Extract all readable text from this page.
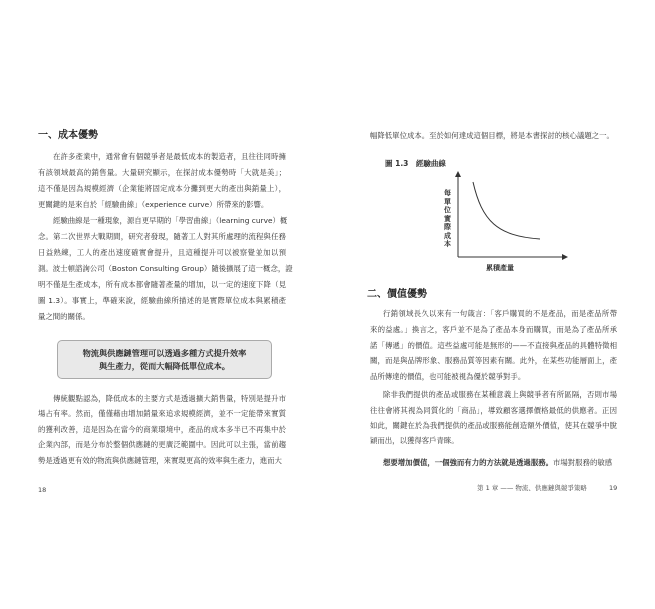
一、成本優勢
在許多產業中，通常會有個競爭者是最低成本的製造者，且往往同時擁
有該領域最高的銷售量。大量研究顯示，在探討成本優勢時「大就是美」；
這不僅是因為規模經濟（企業能將固定成本分攤到更大的產出與銷量上），
更關鍵的是來自於「經驗曲線」（experience curve）所帶來的影響。
經驗曲線是一種現象，源自更早期的「學習曲線」（learning curve）概
念。第二次世界大戰期間，研究者發現，隨著工人對其所處理的流程與任務
日益熟練，工人的產出速度確實會提升，且這種提升可以被察覺並加以預
測。波士頓諮詢公司（Boston Consulting Group）隨後擴展了這一概念，證
明不僅是生產成本，所有成本都會隨著產量的增加，以一定的速度下降（見
圖 1.3）。事實上，準確來說，經驗曲線所描述的是實際單位成本與累積產
量之間的關係。
傳統觀點認為，降低成本的主要方式是透過擴大銷售量，特別是提升市
場占有率。然而，僅僅藉由增加銷量來追求規模經濟，並不一定能帶來實質
的獲利改善，這是因為在當今的商業環境中，產品的成本多半已不再集中於
企業內部，而是分布於整個供應鏈的更廣泛範圍中。因此可以主張，當前趨
勢是透過更有效的物流與供應鏈管理，來實現更高的效率與生產力，進而大
物流與供應鏈管理可以透過多種方式提升效率
與生產力，從而大幅降低單位成本。
18
幅降低單位成本。至於如何達成這個目標，將是本書探討的核心議題之一。
圖 1.3　經驗曲線
每單位實際成本
累積產量
二、價值優勢
行銷領域長久以來有一句箴言：「客戶購買的不是產品，而是產品所帶
來的益處。」換言之，客戶並不是為了產品本身而購買，而是為了產品所承
諾「傳遞」的價值。這些益處可能是無形的——不直接與產品的具體特徵相
關，而是與品牌形象、服務品質等因素有關。此外，在某些功能層面上，產
品所傳達的價值，也可能被視為優於競爭對手。
除非我們提供的產品或服務在某種意義上與競爭者有所區隔，否則市場
往往會將其視為同質化的「商品」，導致顧客選擇價格最低的供應者。正因
如此，關鍵在於為我們提供的產品或服務能創造額外價值，使其在競爭中脫
穎而出，以獲得客戶青睞。
想要增加價值，一個強而有力的方法就是透過服務。市場對服務的敏感
第 1 章 —— 物流、供應鏈與競爭策略	19
